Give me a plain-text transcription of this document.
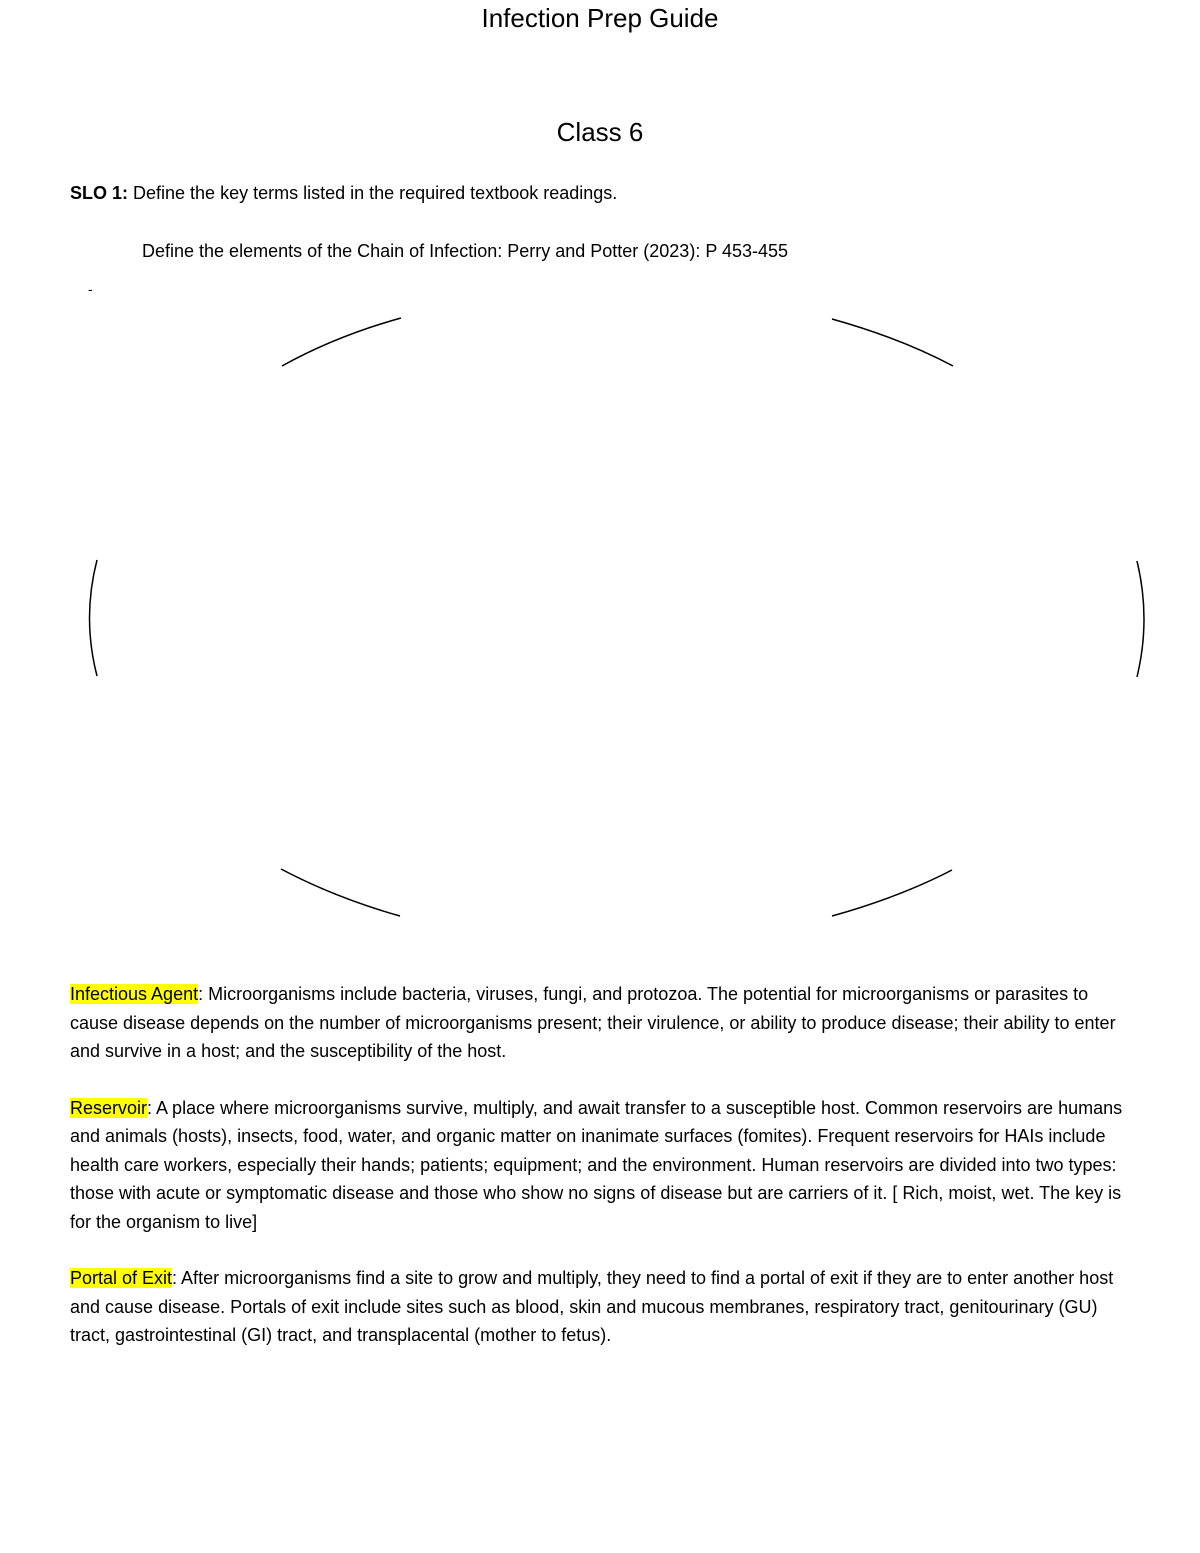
Infection Prep Guide
Class 6
SLO 1: Define the key terms listed in the required textbook readings.
Define the elements of the Chain of Infection: Perry and Potter (2023): P 453-455
-

Infectious Agent: Microorganisms include bacteria, viruses, fungi, and protozoa. The potential for microorganisms or parasites to cause disease depends on the number of microorganisms present; their virulence, or ability to produce disease; their ability to enter and survive in a host; and the susceptibility of the host.

Reservoir: A place where microorganisms survive, multiply, and await transfer to a susceptible host. Common reservoirs are humans and animals (hosts), insects, food, water, and organic matter on inanimate surfaces (fomites). Frequent reservoirs for HAIs include health care workers, especially their hands; patients; equipment; and the environment. Human reservoirs are divided into two types: those with acute or symptomatic disease and those who show no signs of disease but are carriers of it. [ Rich, moist, wet. The key is for the organism to live]

Portal of Exit: After microorganisms find a site to grow and multiply, they need to find a portal of exit if they are to enter another host and cause disease. Portals of exit include sites such as blood, skin and mucous membranes, respiratory tract, genitourinary (GU) tract, gastrointestinal (GI) tract, and transplacental (mother to fetus).
